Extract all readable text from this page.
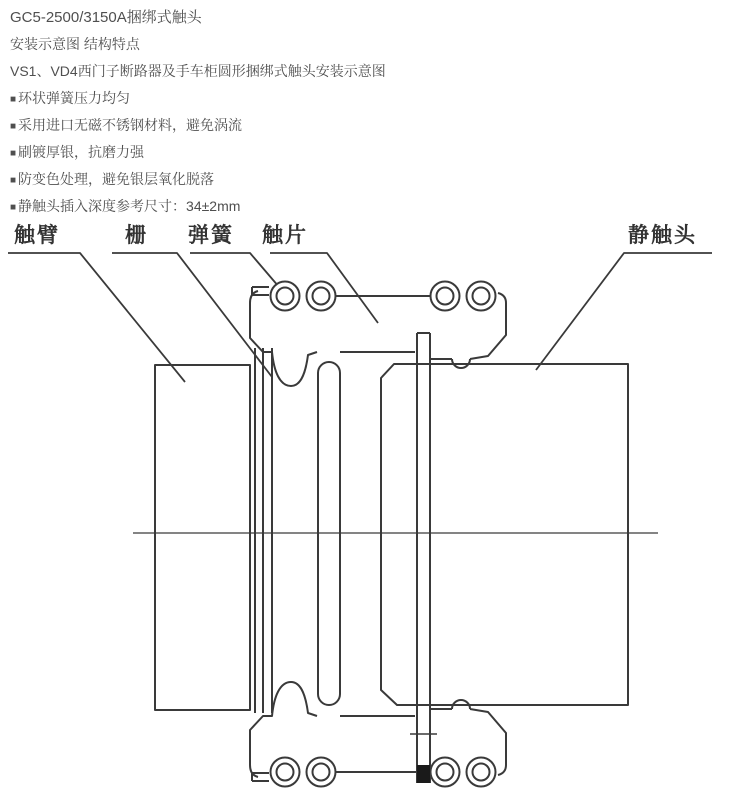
GC5-2500/3150A捆绑式触头
安装示意图 结构特点
VS1、VD4西门子断路器及手车柜圆形捆绑式触头安装示意图
■ 环状弹簧压力均匀
■ 采用进口无磁不锈钢材料，避免涡流
■ 刷镀厚银，抗磨力强
■ 防变色处理，避免银层氧化脱落
■ 静触头插入深度参考尺寸：34±2mm
触臂	栅 弹簧 触片	静触头
